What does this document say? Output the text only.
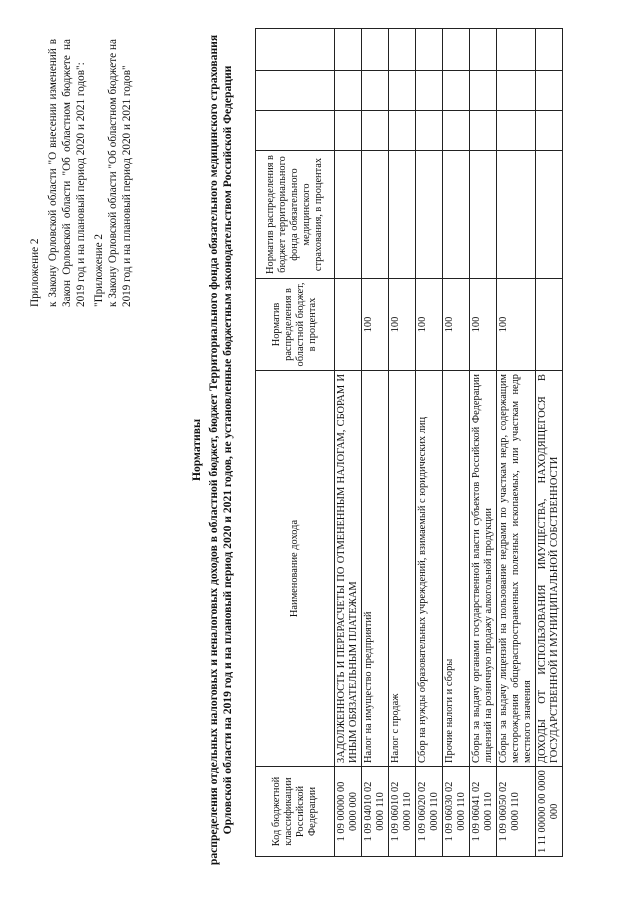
Приложение 2 к Закону Орловской области "О внесении изменений в Закон Орловской области "Об областном бюджете на 2019 год и на плановый период 2020 и 2021 годов": "Приложение 2 к Закону Орловской области "Об областном бюджете на 2019 год и на плановый период 2020 и 2021 годов"

Нормативы распределения отдельных налоговых и неналоговых доходов в областной бюджет, бюджет Территориального фонда обязательного медицинского страхования Орловской области на 2019 год и на плановый период 2020 и 2021 годов, не установленные бюджетным законодательством Российской Федерации	Код бюджетной классификации Российской Федерации	Наименование дохода	Норматив распределения в областной бюджет, в процентах	Норматив распределения в бюджет территориального фонда обязательного медицинского страхования, в процентах			
1 09 00000 00 0000 000	ЗАДОЛЖЕННОСТЬ И ПЕРЕРАСЧЕТЫ ПО ОТМЕНЕННЫМ НАЛОГАМ, СБОРАМ И ИНЫМ ОБЯЗАТЕЛЬНЫМ ПЛАТЕЖАМ					
1 09 04010 02 0000 110	Налог на имущество предприятий	100				
1 09 06010 02 0000 110	Налог с продаж	100				
1 09 06020 02 0000 110	Сбор на нужды образовательных учреждений, взимаемый с юридических лиц	100				
1 09 06030 02 0000 110	Прочие налоги и сборы	100				
1 09 06041 02 0000 110	Сборы за выдачу органами государственной власти субъектов Российской Федерации лицензий на розничную продажу алкогольной продукции	100				
1 09 06050 02 0000 110	Сборы за выдачу лицензий на пользование недрами по участкам недр, содержащим месторождения общераспространенных полезных ископаемых, или участкам недр местного значения	100				
1 11 00000 00 0000 000	ДОХОДЫ ОТ ИСПОЛЬЗОВАНИЯ ИМУЩЕСТВА, НАХОДЯЩЕГОСЯ В ГОСУДАРСТВЕННОЙ И МУНИЦИПАЛЬНОЙ СОБСТВЕННОСТИ					
